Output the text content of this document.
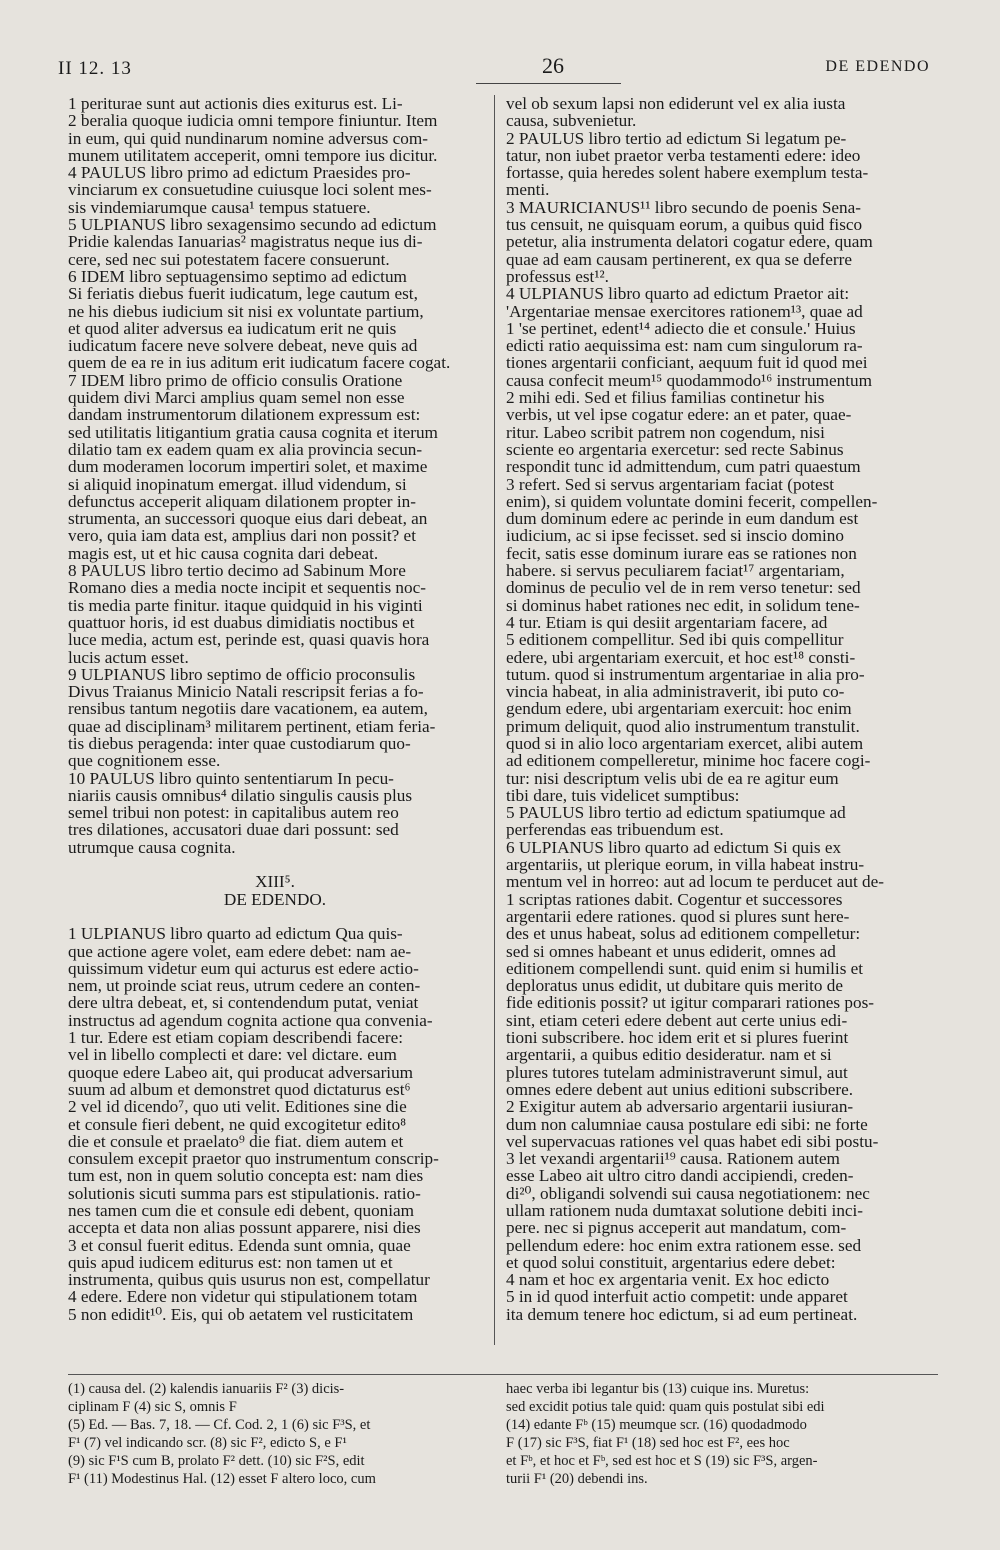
II 12. 13	26	DE EDENDO

1 perituraе sunt aut actionis dies exiturus est. Li-

2 beralia quoque iudicia omni tempore finiuntur. Item

in eum, qui quid nundinarum nomine adversus com-

munem utilitatem acceperit, omni tempore ius dicitur.

4 PAULUS libro primo ad edictum Praesides pro-

vinciarum ex consuetudine cuiusque loci solent mes-

sis vindemiarumque causa¹ tempus statuere.

5 ULPIANUS libro sexagensimo secundo ad edictum

Pridie kalendas Ianuarias² magistratus neque ius di-

cere, sed nec sui potestatem facere consuerunt.

6 IDEM libro septuagensimo septimo ad edictum

Si feriatis diebus fuerit iudicatum, lege cautum est,

ne his diebus iudicium sit nisi ex voluntate partium,

et quod aliter adversus ea iudicatum erit ne quis

iudicatum facere neve solvere debeat, neve quis ad

quem de ea re in ius aditum erit iudicatum facere cogat.

7 IDEM libro primo de officio consulis Oratione

quidem divi Marci amplius quam semel non esse

dandam instrumentorum dilationem expressum est:

sed utilitatis litigantium gratia causa cognita et iterum

dilatio tam ex eadem quam ex alia provincia secun-

dum moderamen locorum impertiri solet, et maxime

si aliquid inopinatum emergat. illud videndum, si

defunctus acceperit aliquam dilationem propter in-

strumenta, an successori quoque eius dari debeat, an

vero, quia iam data est, amplius dari non possit? et

magis est, ut et hic causa cognita dari debeat.

8 PAULUS libro tertio decimo ad Sabinum More

Romano dies a media nocte incipit et sequentis noc-

tis media parte finitur. itaque quidquid in his viginti

quattuor horis, id est duabus dimidiatis noctibus et

luce media, actum est, perinde est, quasi quavis hora

lucis actum esset.

9 ULPIANUS libro septimo de officio proconsulis

Divus Traianus Minicio Natali rescripsit ferias a fo-

rensibus tantum negotiis dare vacationem, ea autem,

quae ad disciplinam³ militarem pertinent, etiam feria-

tis diebus peragenda: inter quae custodiarum quo-

que cognitionem esse.

10 PAULUS libro quinto sententiarum In pecu-

niariis causis omnibus⁴ dilatio singulis causis plus

semel tribui non potest: in capitalibus autem reo

tres dilationes, accusatori duae dari possunt: sed

utrumque causa cognita.

XIII⁵.

DE EDENDO.

1 ULPIANUS libro quarto ad edictum Qua quis-

que actione agere volet, eam edere debet: nam ae-

quissimum videtur eum qui acturus est edere actio-

nem, ut proinde sciat reus, utrum cedere an conten-

dere ultra debeat, et, si contendendum putat, veniat

instructus ad agendum cognita actione qua convenia-

1 tur. Edere est etiam copiam describendi facere:

vel in libello complecti et dare: vel dictare. eum

quoque edere Labeo ait, qui producat adversarium

suum ad album et demonstret quod dictaturus est⁶

2 vel id dicendo⁷, quo uti velit. Editiones sine die

et consule fieri debent, ne quid excogitetur edito⁸

die et consule et praelato⁹ die fiat. diem autem et

consulem excepit praetor quo instrumentum conscrip-

tum est, non in quem solutio concepta est: nam dies

solutionis sicuti summa pars est stipulationis. ratio-

nes tamen cum die et consule edi debent, quoniam

accepta et data non alias possunt apparere, nisi dies

3 et consul fuerit editus. Edenda sunt omnia, quae

quis apud iudicem editurus est: non tamen ut et

instrumenta, quibus quis usurus non est, compellatur

4 edere. Edere non videtur qui stipulationem totam

5 non edidit¹⁰. Eis, qui ob aetatem vel rusticitatem

vel ob sexum lapsi non ediderunt vel ex alia iusta

causa, subvenietur.

2 PAULUS libro tertio ad edictum Si legatum pe-

tatur, non iubet praetor verba testamenti edere: ideo

fortasse, quia heredes solent habere exemplum testa-

menti.

3 MAURICIANUS¹¹ libro secundo de poenis Sena-

tus censuit, ne quisquam eorum, a quibus quid fisco

petetur, alia instrumenta delatori cogatur edere, quam

quae ad eam causam pertinerent, ex qua se deferre

professus est¹².

4 ULPIANUS libro quarto ad edictum Praetor ait:

'Argentariae mensae exercitores rationem¹³, quae ad

1 'se pertinet, edent¹⁴ adiecto die et consule.' Huius

edicti ratio aequissima est: nam cum singulorum ra-

tiones argentarii conficiant, aequum fuit id quod mei

causa confecit meum¹⁵ quodammodo¹⁶ instrumentum

2 mihi edi. Sed et filius familias continetur his

verbis, ut vel ipse cogatur edere: an et pater, quae-

ritur. Labeo scribit patrem non cogendum, nisi

sciente eo argentaria exercetur: sed recte Sabinus

respondit tunc id admittendum, cum patri quaestum

3 refert. Sed si servus argentariam faciat (potest

enim), si quidem voluntate domini fecerit, compellen-

dum dominum edere ac perinde in eum dandum est

iudicium, ac si ipse fecisset. sed si inscio domino

fecit, satis esse dominum iurare eas se rationes non

habere. si servus peculiarem faciat¹⁷ argentariam,

dominus de peculio vel de in rem verso tenetur: sed

si dominus habet rationes nec edit, in solidum tene-

4 tur. Etiam is qui desiit argentariam facere, ad

5 editionem compellitur. Sed ibi quis compellitur

edere, ubi argentariam exercuit, et hoc est¹⁸ consti-

tutum. quod si instrumentum argentariae in alia pro-

vincia habeat, in alia administraverit, ibi puto co-

gendum edere, ubi argentariam exercuit: hoc enim

primum deliquit, quod alio instrumentum transtulit.

quod si in alio loco argentariam exercet, alibi autem

ad editionem compelleretur, minime hoc facere cogi-

tur: nisi descriptum velis ubi de ea re agitur eum

tibi dare, tuis videlicet sumptibus:

5 PAULUS libro tertio ad edictum spatiumque ad

perferendas eas tribuendum est.

6 ULPIANUS libro quarto ad edictum Si quis ex

argentariis, ut plerique eorum, in villa habeat instru-

mentum vel in horreo: aut ad locum te perducet aut de-

1 scriptas rationes dabit. Cogentur et successores

argentarii edere rationes. quod si plures sunt here-

des et unus habeat, solus ad editionem compelletur:

sed si omnes habeant et unus ediderit, omnes ad

editionem compellendi sunt. quid enim si humilis et

deploratus unus edidit, ut dubitare quis merito de

fide editionis possit? ut igitur comparari rationes pos-

sint, etiam ceteri edere debent aut certe unius edi-

tioni subscribere. hoc idem erit et si plures fuerint

argentarii, a quibus editio desideratur. nam et si

plures tutores tutelam administraverunt simul, aut

omnes edere debent aut unius editioni subscribere.

2 Exigitur autem ab adversario argentarii iusiuran-

dum non calumniae causa postulare edi sibi: ne forte

vel supervacuas rationes vel quas habet edi sibi postu-

3 let vexandi argentarii¹⁹ causa. Rationem autem

esse Labeo ait ultro citro dandi accipiendi, creden-

di²⁰, obligandi solvendi sui causa negotiationem: nec

ullam rationem nuda dumtaxat solutione debiti inci-

pere. nec si pignus acceperit aut mandatum, com-

pellendum edere: hoc enim extra rationem esse. sed

et quod solui constituit, argentarius edere debet:

4 nam et hoc ex argentaria venit. Ex hoc edicto

5 in id quod interfuit actio competit: unde apparet

ita demum tenere hoc edictum, si ad eum pertineat.

(1) causa del. (2) kalendis ianuariis F² (3) dicis-

ciplinam F (4) sic S, omnis F

(5) Ed. — Bas. 7, 18. — Cf. Cod. 2, 1 (6) sic F³S, et

F¹ (7) vel indicando scr. (8) sic F², edicto S, e F¹

(9) sic F¹S cum B, prolato F² dett. (10) sic F²S, edit

F¹ (11) Modestinus Hal. (12) esset F altero loco, cum

haec verba ibi legantur bis (13) cuique ins. Muretus:

sed excidit potius tale quid: quam quis postulat sibi edi

(14) edante Fᵇ (15) meumque scr. (16) quodadmodo

F (17) sic F³S, fiat F¹ (18) sed hoc est F², ees hoc

et Fᵇ, et hoc et Fᵇ, sed est hoc et S (19) sic F³S, argen-

turii F¹ (20) debendi ins.
